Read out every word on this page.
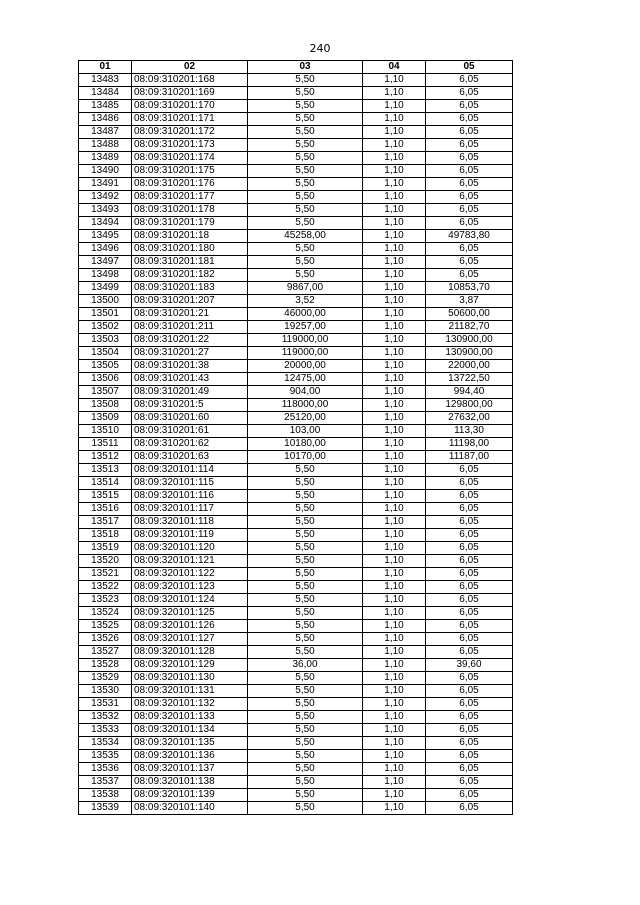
240
01	02	03	04	05
13483	08:09:310201:168	5,50	1,10	6,05
13484	08:09:310201:169	5,50	1,10	6,05
13485	08:09:310201:170	5,50	1,10	6,05
13486	08:09:310201:171	5,50	1,10	6,05
13487	08:09:310201:172	5,50	1,10	6,05
13488	08:09:310201:173	5,50	1,10	6,05
13489	08:09:310201:174	5,50	1,10	6,05
13490	08:09:310201:175	5,50	1,10	6,05
13491	08:09:310201:176	5,50	1,10	6,05
13492	08:09:310201:177	5,50	1,10	6,05
13493	08:09:310201:178	5,50	1,10	6,05
13494	08:09:310201:179	5,50	1,10	6,05
13495	08:09:310201:18	45258,00	1,10	49783,80
13496	08:09:310201:180	5,50	1,10	6,05
13497	08:09:310201:181	5,50	1,10	6,05
13498	08:09:310201:182	5,50	1,10	6,05
13499	08:09:310201:183	9867,00	1,10	10853,70
13500	08:09:310201:207	3,52	1,10	3,87
13501	08:09:310201:21	46000,00	1,10	50600,00
13502	08:09:310201:211	19257,00	1,10	21182,70
13503	08:09:310201:22	119000,00	1,10	130900,00
13504	08:09:310201:27	119000,00	1,10	130900,00
13505	08:09:310201:38	20000,00	1,10	22000,00
13506	08:09:310201:43	12475,00	1,10	13722,50
13507	08:09:310201:49	904,00	1,10	994,40
13508	08:09:310201:5	118000,00	1,10	129800,00
13509	08:09:310201:60	25120,00	1,10	27632,00
13510	08:09:310201:61	103,00	1,10	113,30
13511	08:09:310201:62	10180,00	1,10	11198,00
13512	08:09:310201:63	10170,00	1,10	11187,00
13513	08:09:320101:114	5,50	1,10	6,05
13514	08:09:320101:115	5,50	1,10	6,05
13515	08:09:320101:116	5,50	1,10	6,05
13516	08:09:320101:117	5,50	1,10	6,05
13517	08:09:320101:118	5,50	1,10	6,05
13518	08:09:320101:119	5,50	1,10	6,05
13519	08:09:320101:120	5,50	1,10	6,05
13520	08:09:320101:121	5,50	1,10	6,05
13521	08:09:320101:122	5,50	1,10	6,05
13522	08:09:320101:123	5,50	1,10	6,05
13523	08:09:320101:124	5,50	1,10	6,05
13524	08:09:320101:125	5,50	1,10	6,05
13525	08:09:320101:126	5,50	1,10	6,05
13526	08:09:320101:127	5,50	1,10	6,05
13527	08:09:320101:128	5,50	1,10	6,05
13528	08:09:320101:129	36,00	1,10	39,60
13529	08:09:320101:130	5,50	1,10	6,05
13530	08:09:320101:131	5,50	1,10	6,05
13531	08:09:320101:132	5,50	1,10	6,05
13532	08:09:320101:133	5,50	1,10	6,05
13533	08:09:320101:134	5,50	1,10	6,05
13534	08:09:320101:135	5,50	1,10	6,05
13535	08:09:320101:136	5,50	1,10	6,05
13536	08:09:320101:137	5,50	1,10	6,05
13537	08:09:320101:138	5,50	1,10	6,05
13538	08:09:320101:139	5,50	1,10	6,05
13539	08:09:320101:140	5,50	1,10	6,05
